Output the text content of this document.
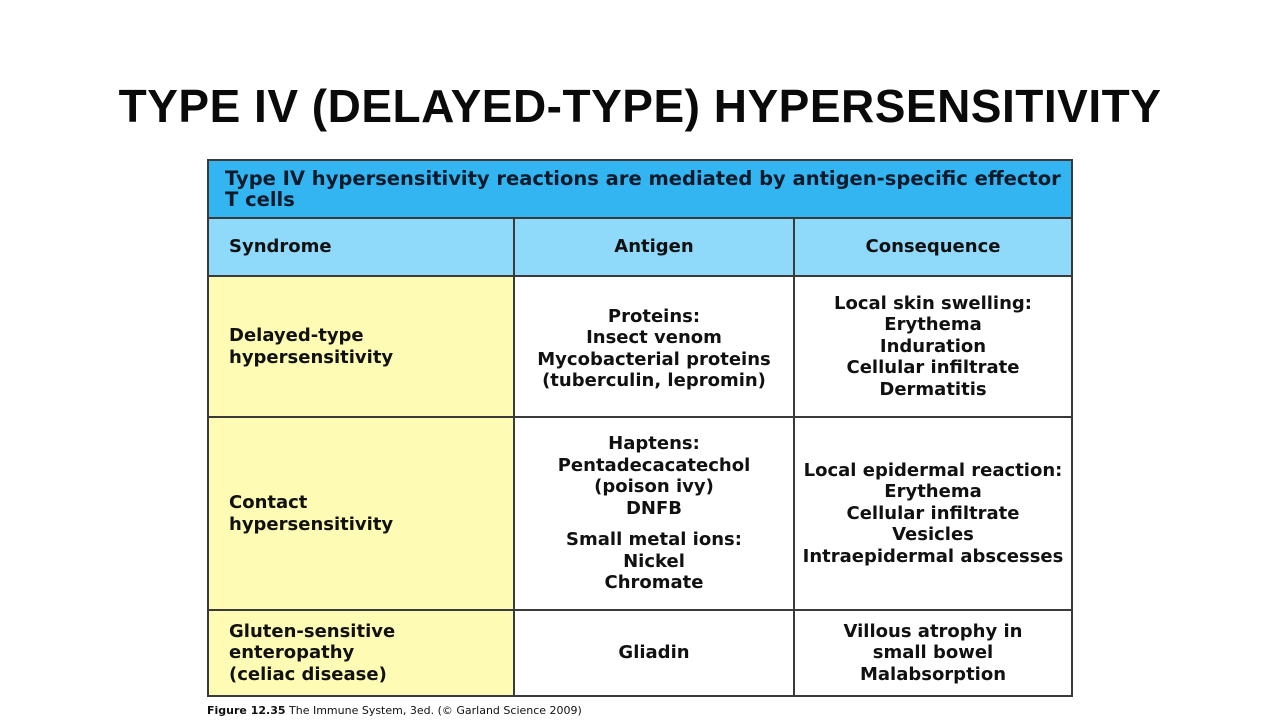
TYPE IV (DELAYED-TYPE) HYPERSENSITIVITY
Type IV hypersensitivity reactions are mediated by antigen-specific effector T cells
Syndrome	Antigen	Consequence
Delayed-type
hypersensitivity
Proteins:
Insect venom
Mycobacterial proteins
(tuberculin, lepromin)
Local skin swelling:
Erythema
Induration
Cellular infiltrate
Dermatitis
Contact
hypersensitivity
Haptens:
Pentadecacatechol
(poison ivy)
DNFB
Small metal ions:
Nickel
Chromate
Local epidermal reaction:
Erythema
Cellular infiltrate
Vesicles
Intraepidermal abscesses
Gluten-sensitive enteropathy
(celiac disease)
Gliadin
Villous atrophy in
small bowel
Malabsorption
Figure 12.35 The Immune System, 3ed. (© Garland Science 2009)
